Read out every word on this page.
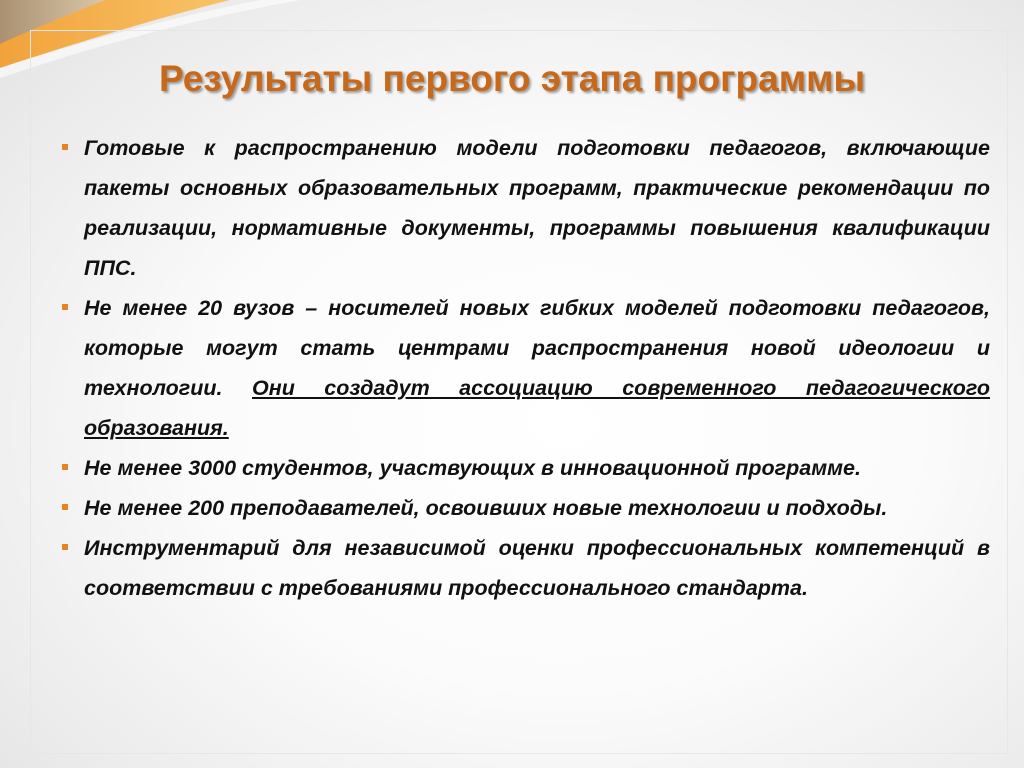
Результаты первого этапа программы
Готовые к распространению модели подготовки педагогов, включающие пакеты основных образовательных программ, практические рекомендации по реализации, нормативные документы, программы повышения квалификации ППС.
Не менее 20 вузов – носителей новых гибких моделей подготовки педагогов, которые могут стать центрами распространения новой идеологии и технологии. Они создадут ассоциацию современного педагогического образования.
Не менее 3000 студентов, участвующих в инновационной программе.
Не менее 200 преподавателей, освоивших новые технологии и подходы.
Инструментарий для независимой оценки профессиональных компетенций в соответствии с требованиями профессионального стандарта.
